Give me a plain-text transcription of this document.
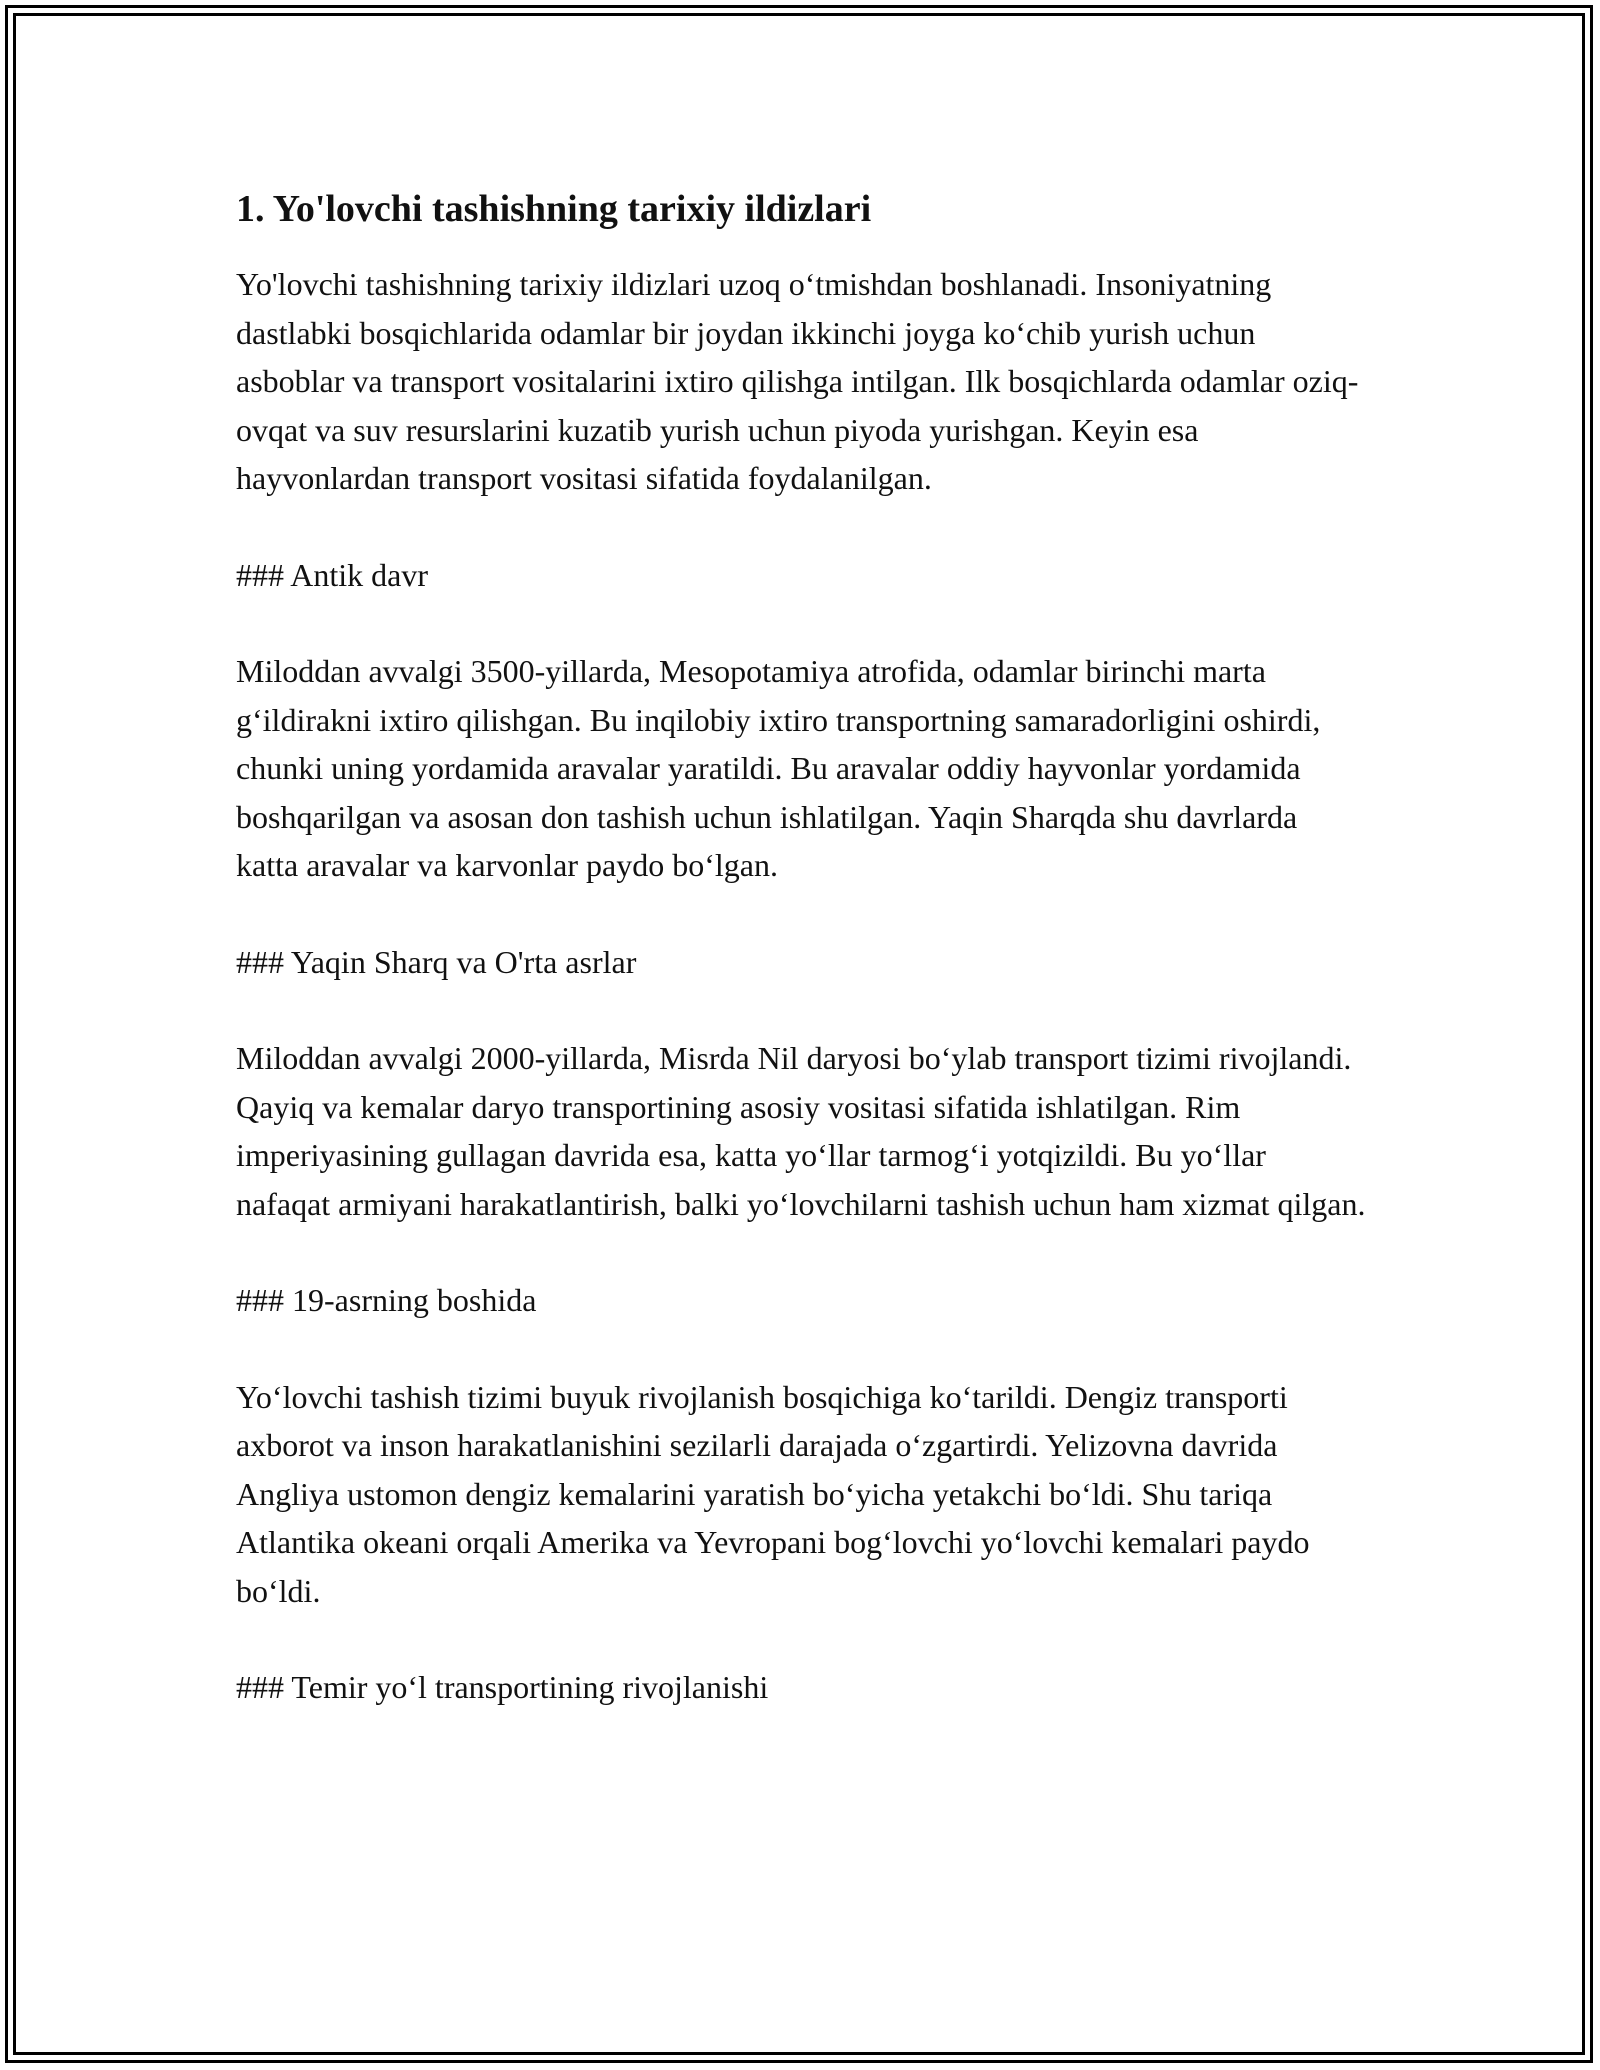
1. Yo'lovchi tashishning tarixiy ildizlari

Yo'lovchi tashishning tarixiy ildizlari uzoq o‘tmishdan boshlanadi. Insoniyatning dastlabki bosqichlarida odamlar bir joydan ikkinchi joyga ko‘chib yurish uchun asboblar va transport vositalarini ixtiro qilishga intilgan. Ilk bosqichlarda odamlar oziq-ovqat va suv resurslarini kuzatib yurish uchun piyoda yurishgan. Keyin esa hayvonlardan transport vositasi sifatida foydalanilgan.

### Antik davr

Miloddan avvalgi 3500-yillarda, Mesopotamiya atrofida, odamlar birinchi marta g‘ildirakni ixtiro qilishgan. Bu inqilobiy ixtiro transportning samaradorligini oshirdi, chunki uning yordamida aravalar yaratildi. Bu aravalar oddiy hayvonlar yordamida boshqarilgan va asosan don tashish uchun ishlatilgan. Yaqin Sharqda shu davrlarda katta aravalar va karvonlar paydo bo‘lgan.

### Yaqin Sharq va O'rta asrlar

Miloddan avvalgi 2000-yillarda, Misrda Nil daryosi bo‘ylab transport tizimi rivojlandi. Qayiq va kemalar daryo transportining asosiy vositasi sifatida ishlatilgan. Rim imperiyasining gullagan davrida esa, katta yo‘llar tarmog‘i yotqizildi. Bu yo‘llar nafaqat armiyani harakatlantirish, balki yo‘lovchilarni tashish uchun ham xizmat qilgan.

### 19-asrning boshida

Yo‘lovchi tashish tizimi buyuk rivojlanish bosqichiga ko‘tarildi. Dengiz transporti axborot va inson harakatlanishini sezilarli darajada o‘zgartirdi. Yelizovna davrida Angliya ustomon dengiz kemalarini yaratish bo‘yicha yetakchi bo‘ldi. Shu tariqa Atlantika okeani orqali Amerika va Yevropani bog‘lovchi yo‘lovchi kemalari paydo bo‘ldi.

### Temir yo‘l transportining rivojlanishi
